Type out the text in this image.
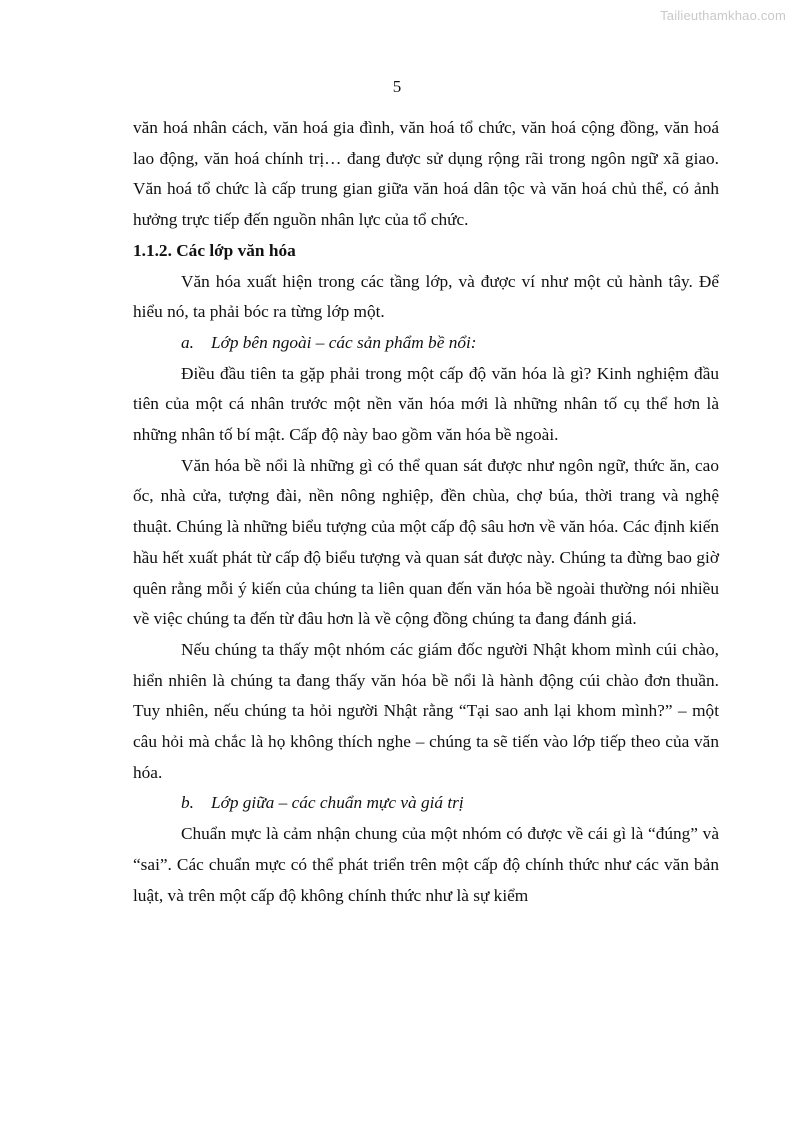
Tailieuthamkhao.com
5

văn hoá nhân cách, văn hoá gia đình, văn hoá tổ chức, văn hoá cộng đồng, văn hoá lao động, văn hoá chính trị… đang được sử dụng rộng rãi trong ngôn ngữ xã giao. Văn hoá tổ chức là cấp trung gian giữa văn hoá dân tộc và văn hoá chủ thể, có ảnh hưởng trực tiếp đến nguồn nhân lực của tổ chức.

1.1.2. Các lớp văn hóa

Văn hóa xuất hiện trong các tầng lớp, và được ví như một củ hành tây. Để hiểu nó, ta phải bóc ra từng lớp một.

a. Lớp bên ngoài – các sản phẩm bề nổi:

Điều đầu tiên ta gặp phải trong một cấp độ văn hóa là gì? Kinh nghiệm đầu tiên của một cá nhân trước một nền văn hóa mới là những nhân tố cụ thể hơn là những nhân tố bí mật. Cấp độ này bao gồm văn hóa bề ngoài.

Văn hóa bề nổi là những gì có thể quan sát được như ngôn ngữ, thức ăn, cao ốc, nhà cửa, tượng đài, nền nông nghiệp, đền chùa, chợ búa, thời trang và nghệ thuật. Chúng là những biểu tượng của một cấp độ sâu hơn về văn hóa. Các định kiến hầu hết xuất phát từ cấp độ biểu tượng và quan sát được này. Chúng ta đừng bao giờ quên rằng mỗi ý kiến của chúng ta liên quan đến văn hóa bề ngoài thường nói nhiều về việc chúng ta đến từ đâu hơn là về cộng đồng chúng ta đang đánh giá.

Nếu chúng ta thấy một nhóm các giám đốc người Nhật khom mình cúi chào, hiển nhiên là chúng ta đang thấy văn hóa bề nổi là hành động cúi chào đơn thuần. Tuy nhiên, nếu chúng ta hỏi người Nhật rằng “Tại sao anh lại khom mình?” – một câu hỏi mà chắc là họ không thích nghe – chúng ta sẽ tiến vào lớp tiếp theo của văn hóa.

b. Lớp giữa – các chuẩn mực và giá trị

Chuẩn mực là cảm nhận chung của một nhóm có được về cái gì là “đúng” và “sai”. Các chuẩn mực có thể phát triển trên một cấp độ chính thức như các văn bản luật, và trên một cấp độ không chính thức như là sự kiểm
